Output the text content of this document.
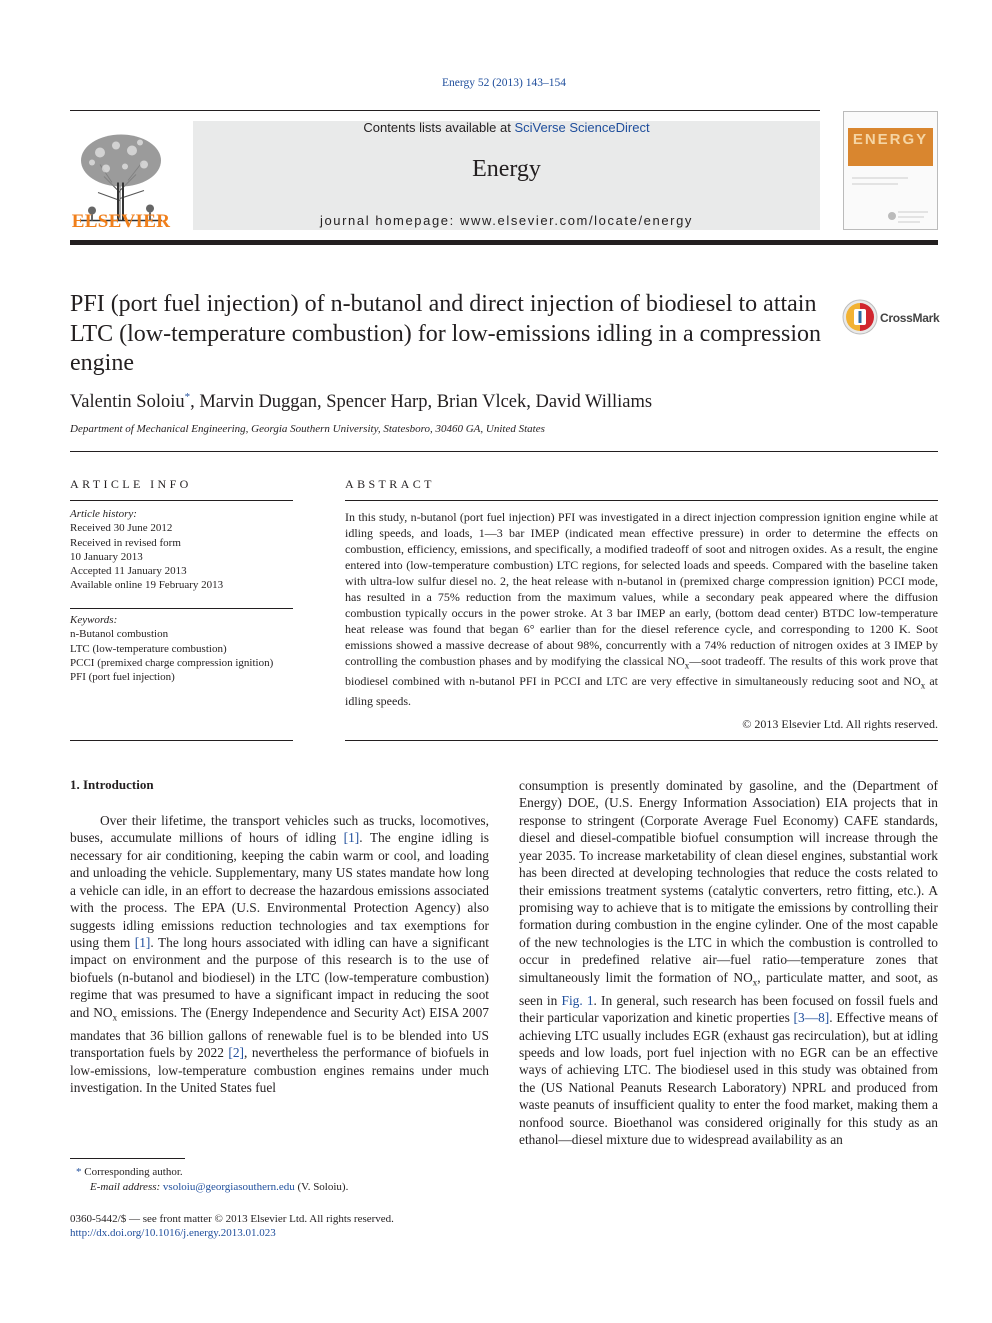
Energy 52 (2013) 143–154
ELSEVIER
Contents lists available at SciVerse ScienceDirect
Energy
journal homepage: www.elsevier.com/locate/energy
ENERGY
PFI (port fuel injection) of n-butanol and direct injection of biodiesel to attain LTC (low-temperature combustion) for low-emissions idling in a compression engine
CrossMark
Valentin Soloiu*, Marvin Duggan, Spencer Harp, Brian Vlcek, David Williams
Department of Mechanical Engineering, Georgia Southern University, Statesboro, 30460 GA, United States
ARTICLE INFO
Article history:
Received 30 June 2012
Received in revised form
10 January 2013
Accepted 11 January 2013
Available online 19 February 2013
Keywords:
n-Butanol combustion
LTC (low-temperature combustion)
PCCI (premixed charge compression ignition)
PFI (port fuel injection)
ABSTRACT
In this study, n-butanol (port fuel injection) PFI was investigated in a direct injection compression ignition engine while at idling speeds, and loads, 1—3 bar IMEP (indicated mean effective pressure) in order to determine the effects on combustion, efficiency, emissions, and specifically, a modified tradeoff of soot and nitrogen oxides. As a result, the engine entered into (low-temperature combustion) LTC regions, for selected loads and speeds. Compared with the baseline taken with ultra-low sulfur diesel no. 2, the heat release with n-butanol in (premixed charge compression ignition) PCCI mode, has resulted in a 75% reduction from the maximum values, while a secondary peak appeared where the diffusion combustion typically occurs in the power stroke. At 3 bar IMEP an early, (bottom dead center) BTDC low-temperature heat release was found that began 6° earlier than for the diesel reference cycle, and corresponding to 1200 K. Soot emissions showed a massive decrease of about 98%, concurrently with a 74% reduction of nitrogen oxides at 3 IMEP by controlling the combustion phases and by modifying the classical $NO_x—soot$ tradeoff. The results of this work prove that biodiesel combined with n-butanol PFI in PCCI and LTC are very effective in simultaneously reducing soot and $NO_x$ at idling speeds.
© 2013 Elsevier Ltd. All rights reserved.
1. Introduction

Over their lifetime, the transport vehicles such as trucks, locomotives, buses, accumulate millions of hours of idling [1]. The engine idling is necessary for air conditioning, keeping the cabin warm or cool, and loading and unloading the vehicle. Supplementary, many US states mandate how long a vehicle can idle, in an effort to decrease the hazardous emissions associated with the process. The EPA (U.S. Environmental Protection Agency) also suggests idling emissions reduction technologies and tax exemptions for using them [1]. The long hours associated with idling can have a significant impact on environment and the purpose of this research is to the use of biofuels (n-butanol and biodiesel) in the LTC (low-temperature combustion) regime that was presumed to have a significant impact in reducing the soot and $NO_x$ emissions. The (Energy Independence and Security Act) EISA 2007 mandates that 36 billion gallons of renewable fuel is to be blended into US transportation fuels by 2022 [2], nevertheless the performance of biofuels in low-emissions, low-temperature combustion engines remains under much investigation. In the United States fuel

consumption is presently dominated by gasoline, and the (Department of Energy) DOE, (U.S. Energy Information Association) EIA projects that in response to stringent (Corporate Average Fuel Economy) CAFE standards, diesel and diesel-compatible biofuel consumption will increase through the year 2035. To increase marketability of clean diesel engines, substantial work has been directed at developing technologies that reduce the costs related to their emissions treatment systems (catalytic converters, retro fitting, etc.). A promising way to achieve that is to mitigate the emissions by controlling their formation during combustion in the engine cylinder. One of the most capable of the new technologies is the LTC in which the combustion is controlled to occur in predefined relative air—fuel ratio—temperature zones that simultaneously limit the formation of $NO_x$, particulate matter, and soot, as seen in Fig. 1. In general, such research has been focused on fossil fuels and their particular vaporization and kinetic properties [3—8]. Effective means of achieving LTC usually includes EGR (exhaust gas recirculation), but at idling speeds and low loads, port fuel injection with no EGR can be an effective ways of achieving LTC. The biodiesel used in this study was obtained from the (US National Peanuts Research Laboratory) NPRL and produced from waste peanuts of insufficient quality to enter the food market, making them a nonfood source. Bioethanol was considered originally for this study as an ethanol—diesel mixture due to widespread availability as an

* Corresponding author.
E-mail address: vsoloiu@georgiasouthern.edu (V. Soloiu).
0360-5442/$ — see front matter © 2013 Elsevier Ltd. All rights reserved.
http://dx.doi.org/10.1016/j.energy.2013.01.023
